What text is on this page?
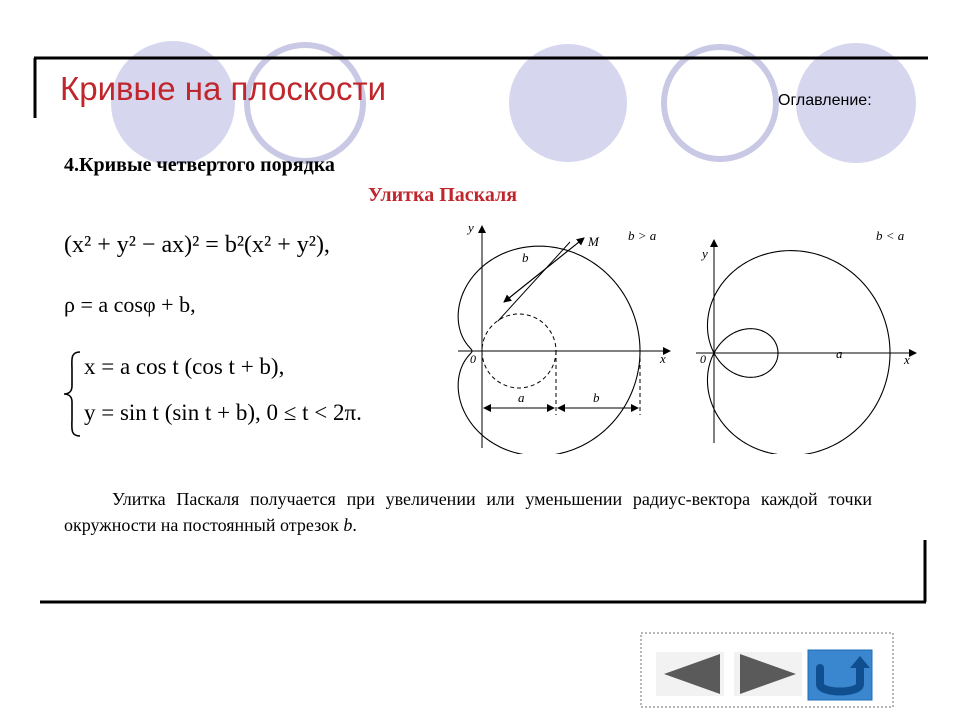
Кривые на плоскости	Оглавление:
4.Кривые четвертого порядка
Улитка Паскаля
(x² + y² − ax)² = b²(x² + y²),
ρ = a cosφ + b,
x = a cos t (cos t + b),
y = sin t (sin t + b), 0 ≤ t < 2π.
b > a
M
b
0	x
y
a	b
b < a
0	x
y
a
Улитка Паскаля получается при увеличении или уменьшении радиус-вектора каждой точки окружности на постоянный отрезок b.
